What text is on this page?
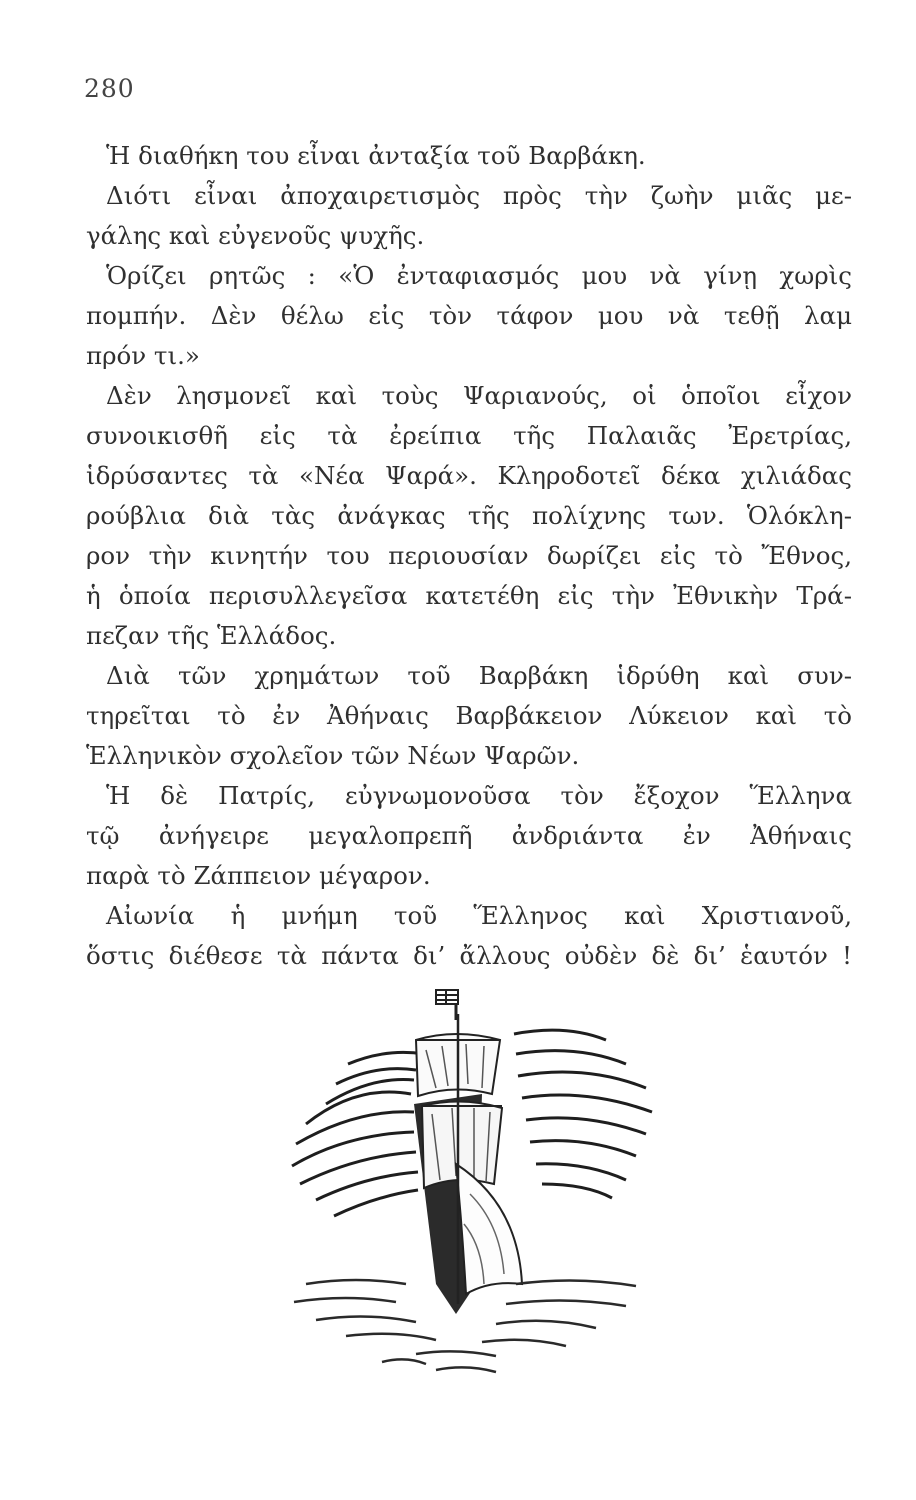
280
Ἡ διαθήκη του εἶναι ἀνταξία τοῦ Βαρβάκη.
Διότι εἶναι ἀποχαιρετισμὸς πρὸς τὴν ζωὴν μιᾶς με-
γάλης καὶ εὐγενοῦς ψυχῆς.
Ὁρίζει ρητῶς : «Ὁ ἐνταφιασμός μου νὰ γίνῃ χωρὶς
πομπήν. Δὲν θέλω εἰς τὸν τάφον μου νὰ τεθῇ λαμ
πρόν τι.»
Δὲν λησμονεῖ καὶ τοὺς Ψαριανούς, οἱ ὁποῖοι εἶχον
συνοικισθῆ εἰς τὰ ἐρείπια τῆς Παλαιᾶς Ἐρετρίας,
ἱδρύσαντες τὰ «Νέα Ψαρά». Κληροδοτεῖ δέκα χιλιάδας
ρούβλια διὰ τὰς ἀνάγκας τῆς πολίχνης των. Ὁλόκλη-
ρον τὴν κινητήν του περιουσίαν δωρίζει εἰς τὸ Ἔθνος,
ἡ ὁποία περισυλλεγεῖσα κατετέθη εἰς τὴν Ἐθνικὴν Τρά-
πεζαν τῆς Ἑλλάδος.
Διὰ τῶν χρημάτων τοῦ Βαρβάκη ἱδρύθη καὶ συν-
τηρεῖται τὸ ἐν Ἀθήναις Βαρβάκειον Λύκειον καὶ τὸ
Ἑλληνικὸν σχολεῖον τῶν Νέων Ψαρῶν.
Ἡ δὲ Πατρίς, εὐγνωμονοῦσα τὸν ἔξοχον Ἕλληνα
τῷ ἀνήγειρε μεγαλοπρεπῆ ἀνδριάντα ἐν Ἀθήναις
παρὰ τὸ Ζάππειον μέγαρον.
Αἰωνία ἡ μνήμη τοῦ Ἕλληνος καὶ Χριστιανοῦ,
ὅστις διέθεσε τὰ πάντα δι’ ἄλλους οὐδὲν δὲ δι’ ἑαυτόν !
